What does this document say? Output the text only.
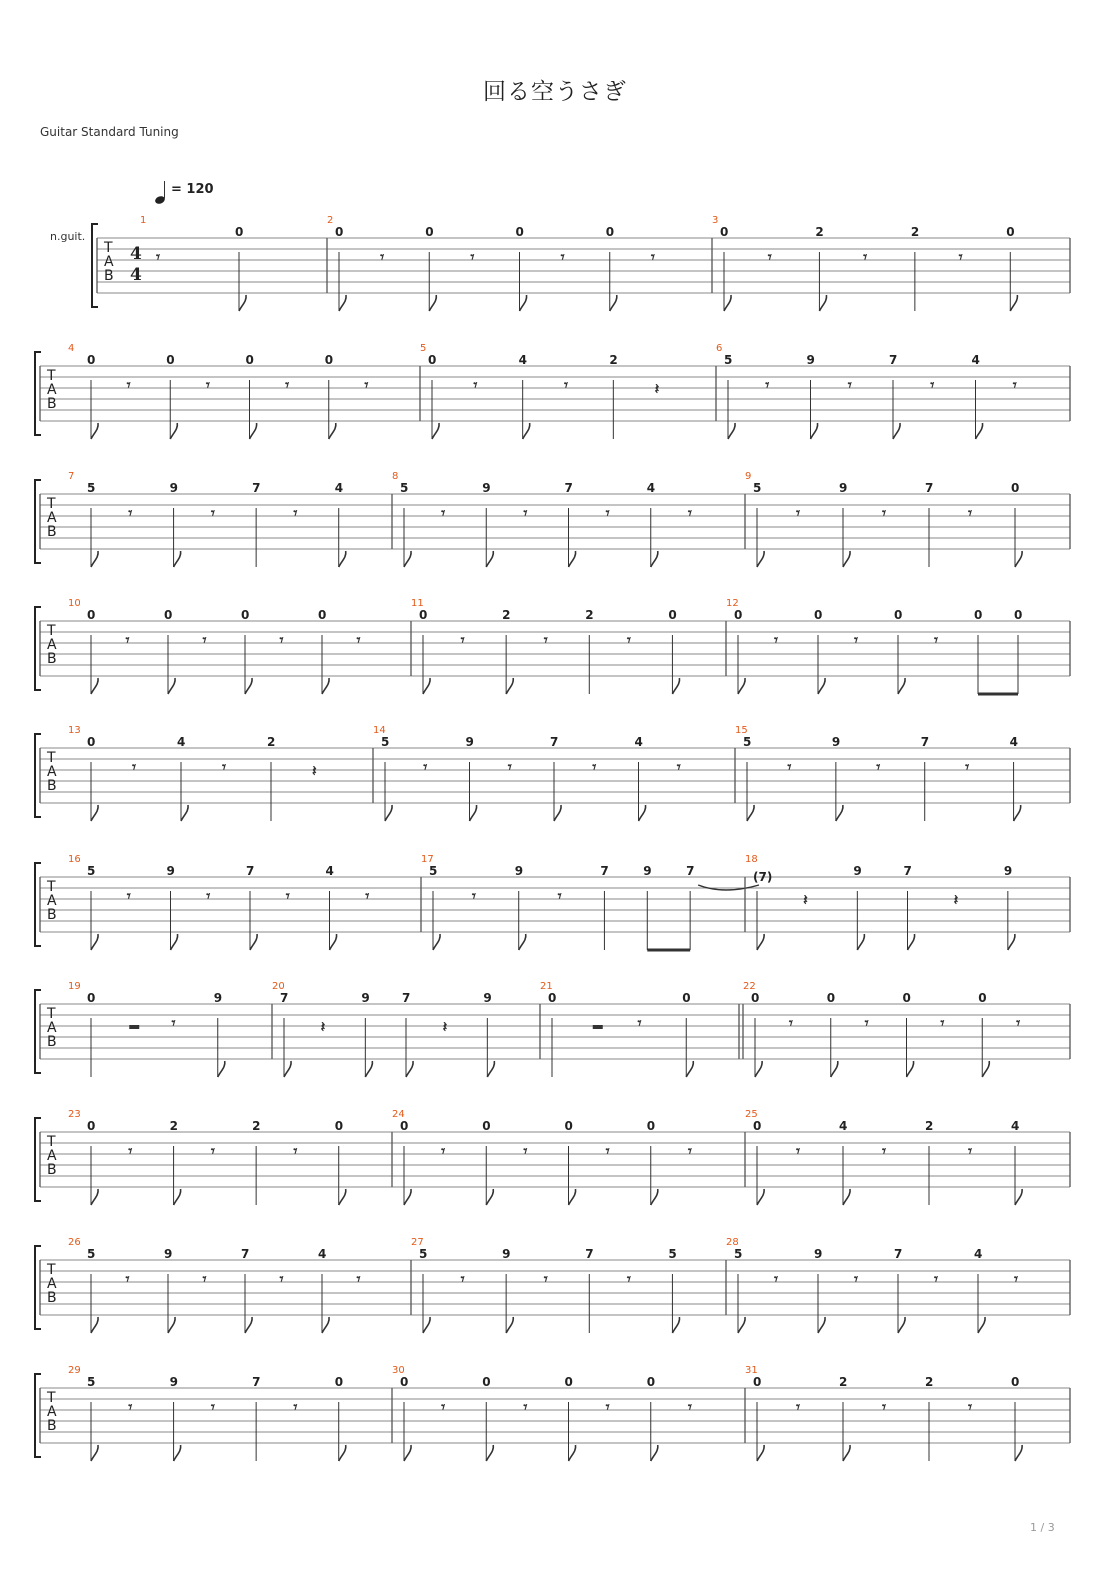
回る空うさぎ
Guitar Standard Tuning
1 / 3
= 120
n.guit.
T
A
B
4
4
1
𝄾
0
2
0
𝄾
0
𝄾
0
𝄾
0
𝄾
3
0
𝄾
2
𝄾
2
𝄾
0
T
A
B
4
0
𝄾
0
𝄾
0
𝄾
0
𝄾
5
0
𝄾
4
𝄾
2
𝄽
6
5
𝄾
9
𝄾
7
𝄾
4
𝄾
T
A
B
7
5
𝄾
9
𝄾
7
𝄾
4
8
5
𝄾
9
𝄾
7
𝄾
4
𝄾
9
5
𝄾
9
𝄾
7
𝄾
0
T
A
B
10
0
𝄾
0
𝄾
0
𝄾
0
𝄾
11
0
𝄾
2
𝄾
2
𝄾
0
12
0
𝄾
0
𝄾
0
𝄾
0	0
T
A
B
13
0
𝄾
4
𝄾
2
𝄽
14
5
𝄾
9
𝄾
7
𝄾
4
𝄾
15
5
𝄾
9
𝄾
7
𝄾
4
T
A
B
16
5
𝄾
9
𝄾
7
𝄾
4
𝄾
17
5
𝄾
9
𝄾
7	9	7
18
(7)
𝄽
9	7
𝄽
9
T
A
B
19
0
𝄾
9
20
7
𝄽
9	7
𝄽
9
21
0
𝄾
0
22
0
𝄾
0
𝄾
0
𝄾
0
𝄾
T
A
B
23
0
𝄾
2
𝄾
2
𝄾
0
24
0
𝄾
0
𝄾
0
𝄾
0
𝄾
25
0
𝄾
4
𝄾
2
𝄾
4
T
A
B
26
5
𝄾
9
𝄾
7
𝄾
4
𝄾
27
5
𝄾
9
𝄾
7
𝄾
5
28
5
𝄾
9
𝄾
7
𝄾
4
𝄾
T
A
B
29
5
𝄾
9
𝄾
7
𝄾
0
30
0
𝄾
0
𝄾
0
𝄾
0
𝄾
31
0
𝄾
2
𝄾
2
𝄾
0
